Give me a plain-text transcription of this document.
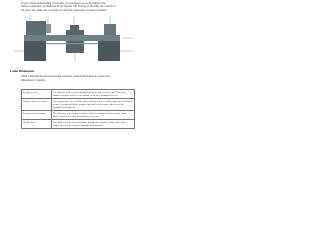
To get a better understanding of the lathe, you will need to know the names of the
various components, as illustrated in the diagram. The carriage on the lathe also consists of
the apron, the saddle and cross slide on which the compound rest slide is mounted...
Lathe Dimensions
When comparing the size and working capacities of metal lathes there are several key
dimensions to consider.
Swing over bed	The diameter of the widest turning that can be done over the bed. This is the distance from the centre of the spindle to the bed, multiplied by two.
Distance between centres	The longest piece of work that can be mounted between the headstock and tailstock centres, determined by the length of the bed less the space taken up by the headstock and tailstock.
Swing over the carriage	The diameter of the largest workpiece that can swing over the carriage (cross slide), which is less than the swing over the bed.
Spindle bore	The diameter of the hole that passes through the spindle. A larger bore allows longer bar stock to be passed through the headstock.
